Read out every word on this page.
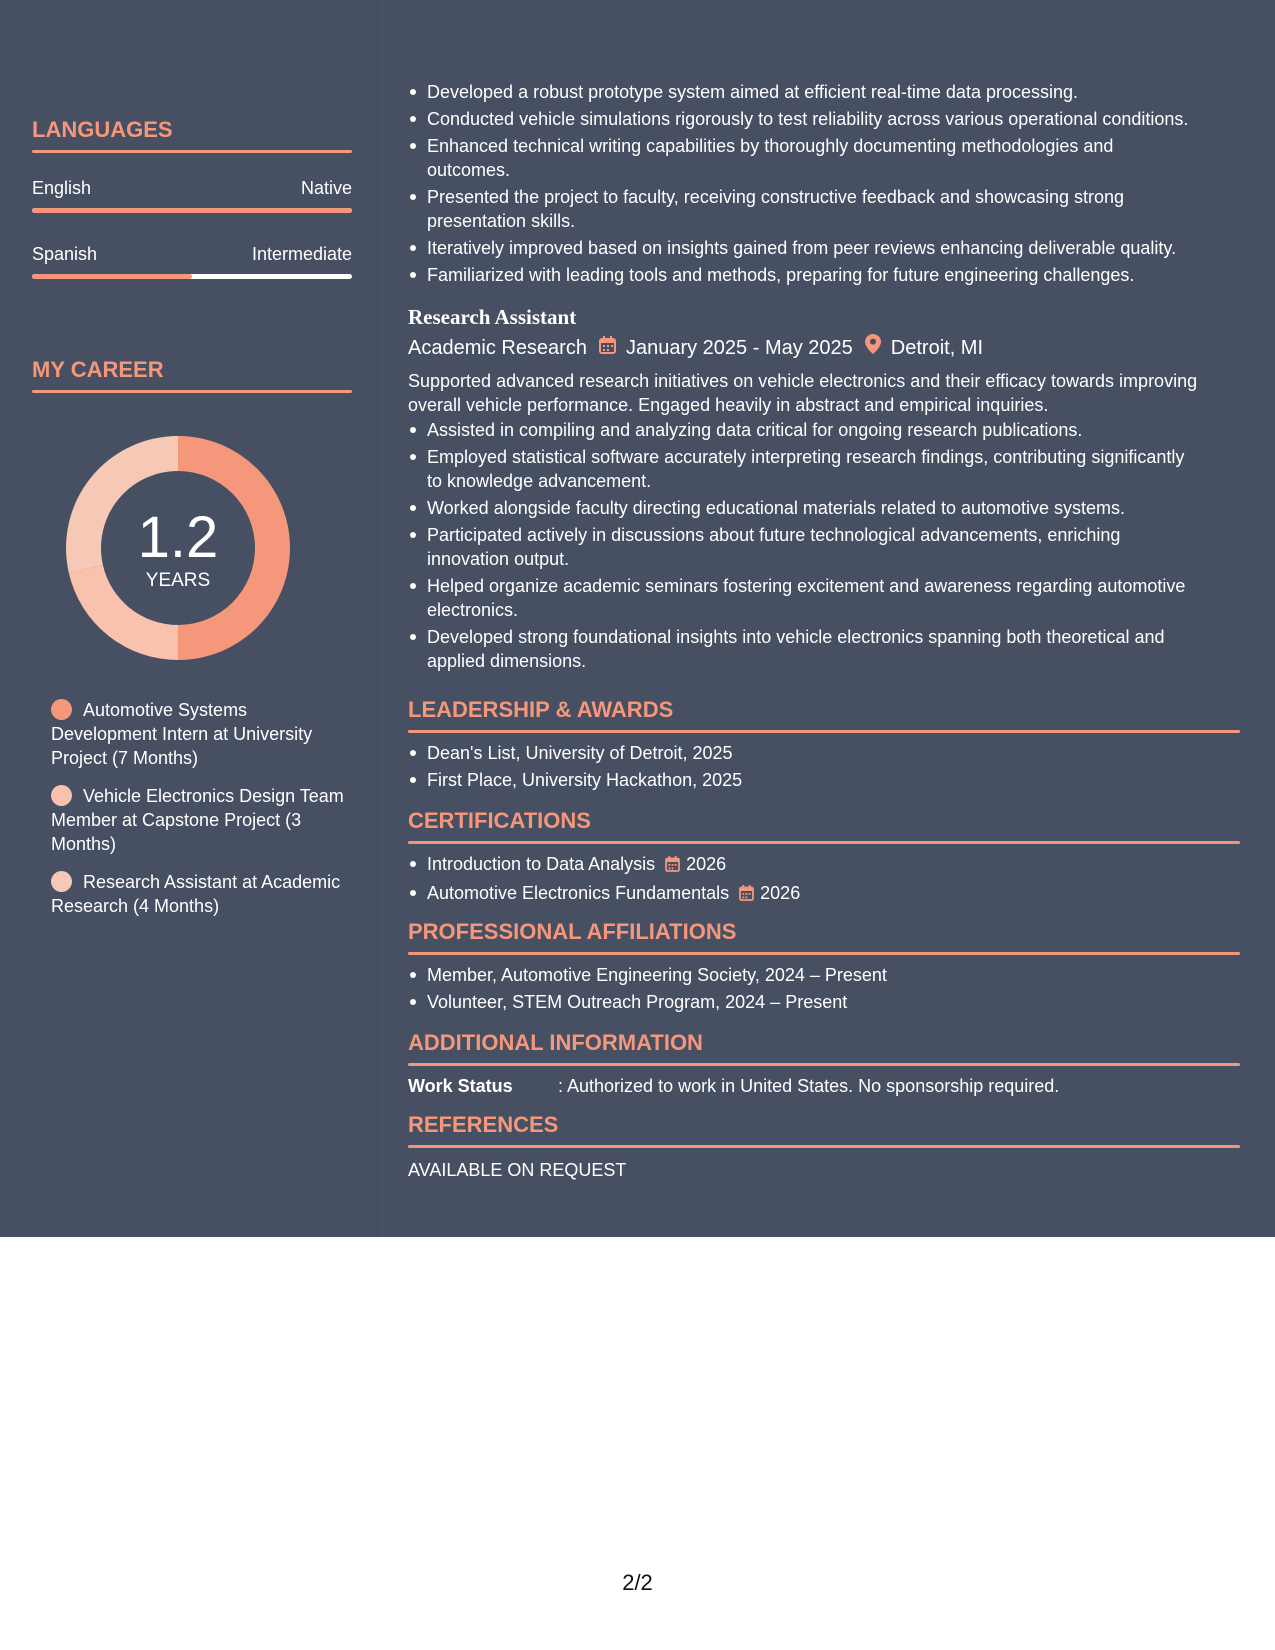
LANGUAGES
English	Native
Spanish	Intermediate
MY CAREER
1.2
YEARS
Automotive Systems Development Intern at University Project (7 Months)
Vehicle Electronics Design Team Member at Capstone Project (3 Months)
Research Assistant at Academic Research (4 Months)
Developed a robust prototype system aimed at efficient real-time data processing.
Conducted vehicle simulations rigorously to test reliability across various operational conditions.
Enhanced technical writing capabilities by thoroughly documenting methodologies and outcomes.
Presented the project to faculty, receiving constructive feedback and showcasing strong presentation skills.
Iteratively improved based on insights gained from peer reviews enhancing deliverable quality.
Familiarized with leading tools and methods, preparing for future engineering challenges.
Research Assistant
Academic Research January 2025 - May 2025 Detroit, MI
Supported advanced research initiatives on vehicle electronics and their efficacy towards improving overall vehicle performance. Engaged heavily in abstract and empirical inquiries.
Assisted in compiling and analyzing data critical for ongoing research publications.
Employed statistical software accurately interpreting research findings, contributing significantly to knowledge advancement.
Worked alongside faculty directing educational materials related to automotive systems.
Participated actively in discussions about future technological advancements, enriching innovation output.
Helped organize academic seminars fostering excitement and awareness regarding automotive electronics.
Developed strong foundational insights into vehicle electronics spanning both theoretical and applied dimensions.
LEADERSHIP & AWARDS
Dean's List, University of Detroit, 2025
First Place, University Hackathon, 2025
CERTIFICATIONS
Introduction to Data Analysis 2026
Automotive Electronics Fundamentals 2026
PROFESSIONAL AFFILIATIONS
Member, Automotive Engineering Society, 2024 – Present
Volunteer, STEM Outreach Program, 2024 – Present
ADDITIONAL INFORMATION
Work Status	: Authorized to work in United States. No sponsorship required.
REFERENCES
AVAILABLE ON REQUEST
2/2
